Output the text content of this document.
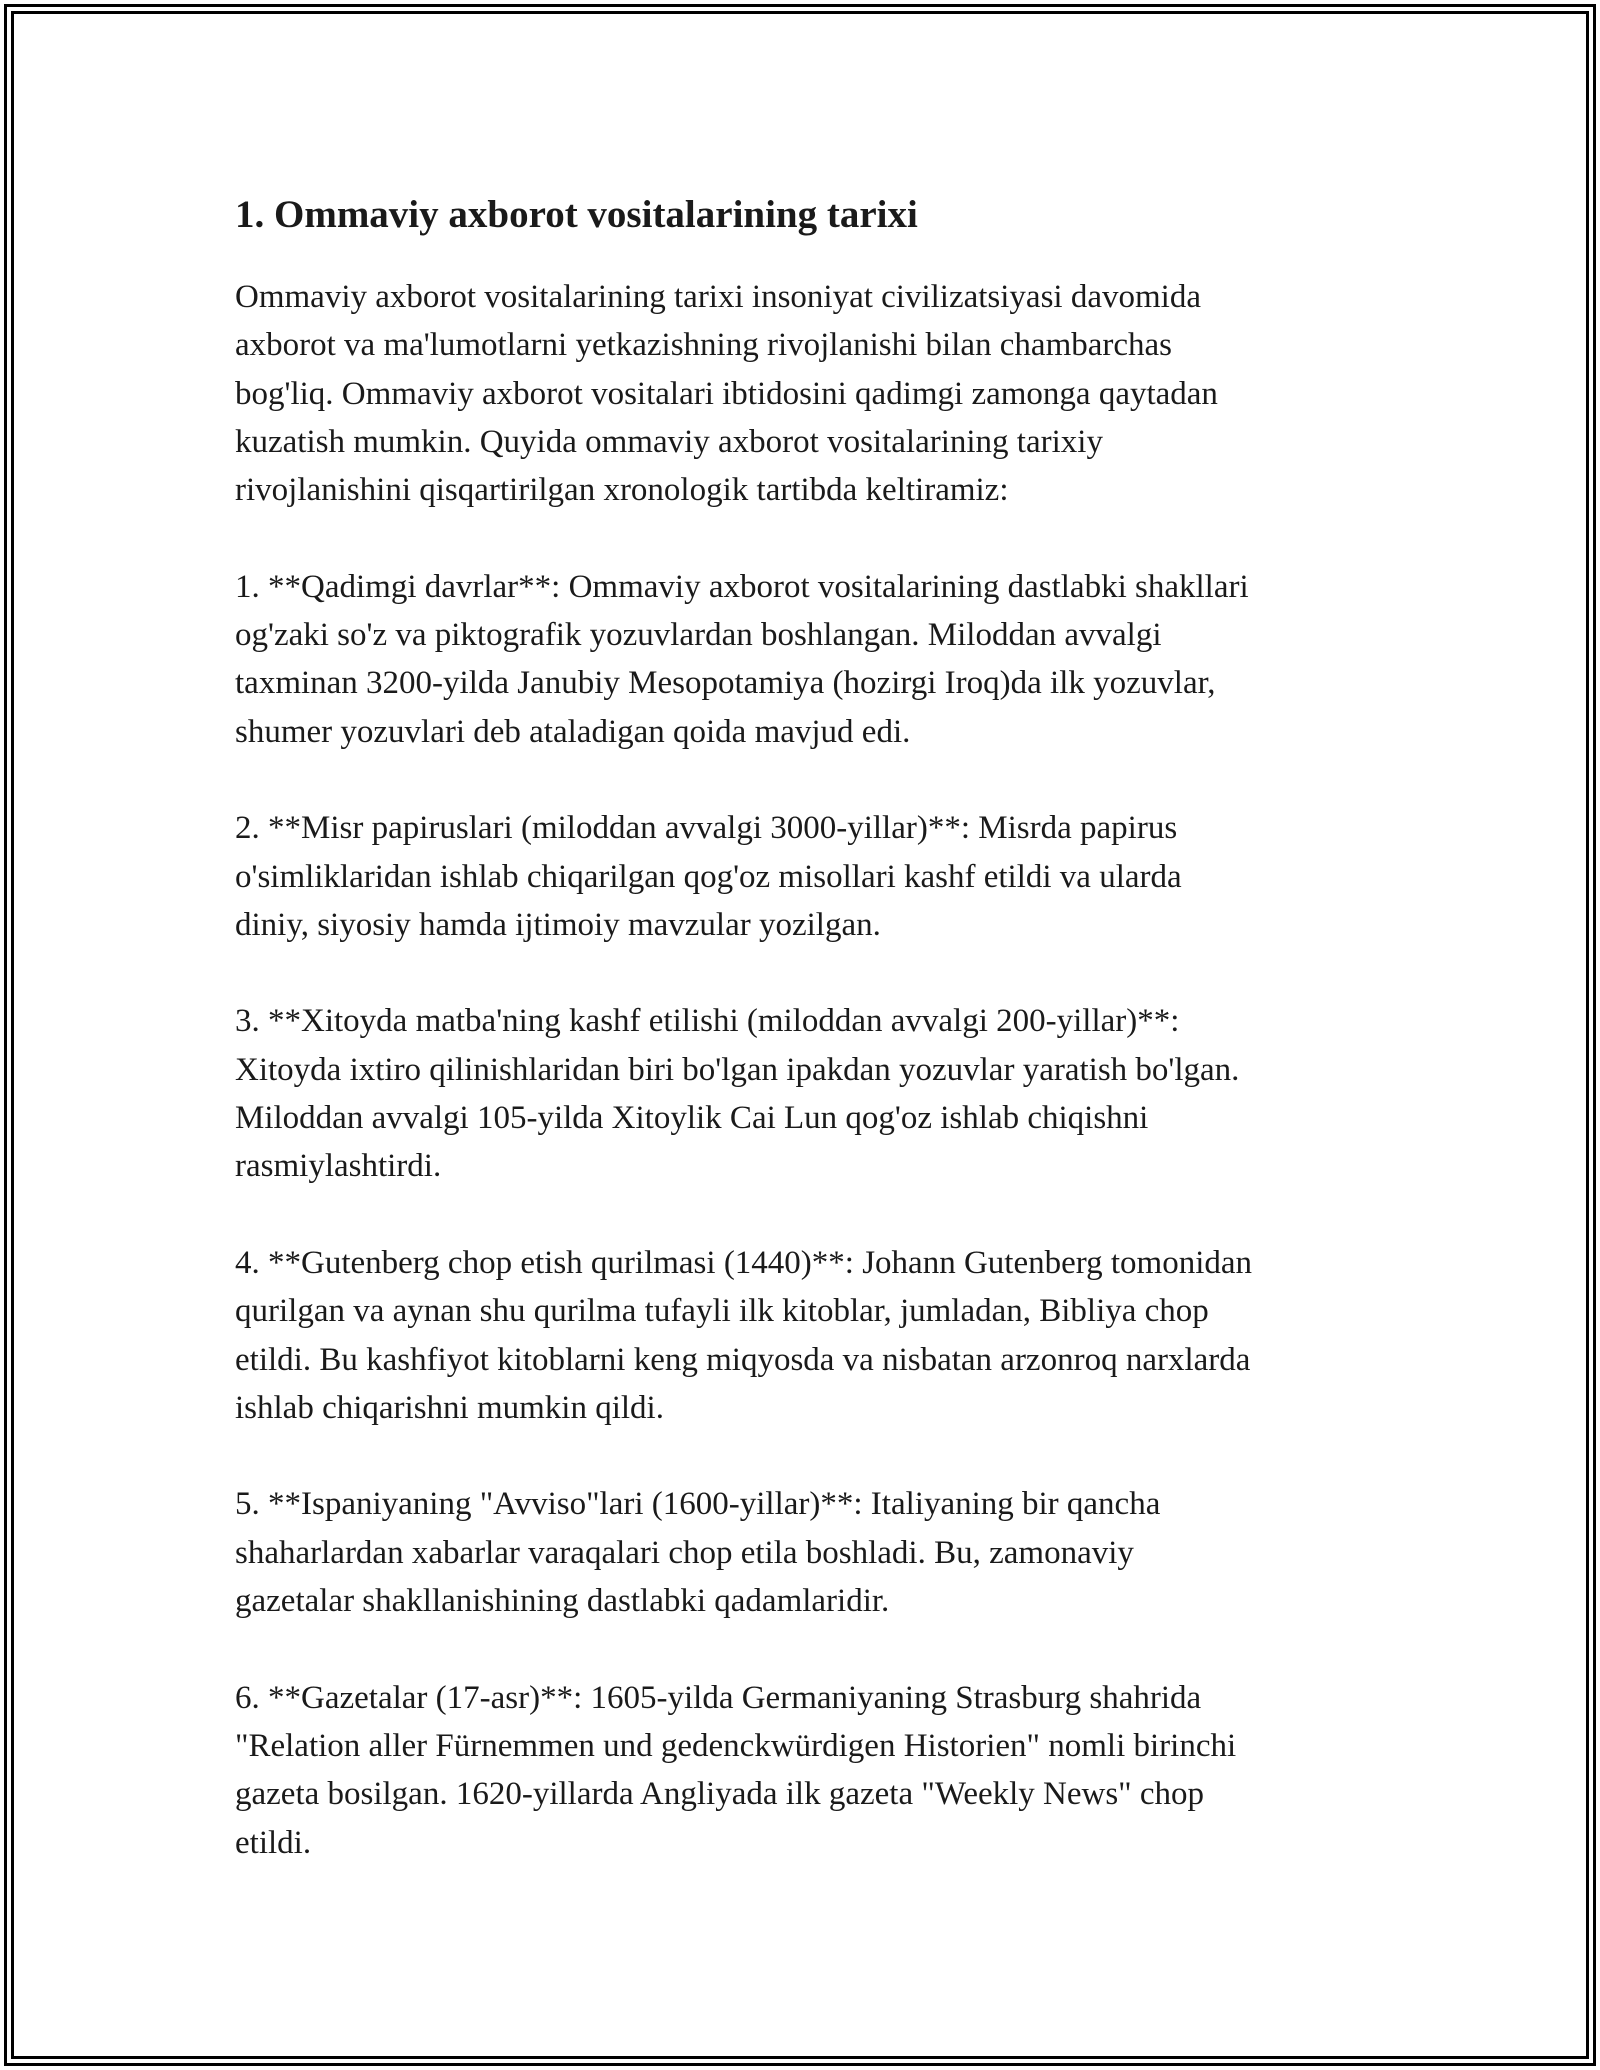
1. Ommaviy axborot vositalarining tarixi

Ommaviy axborot vositalarining tarixi insoniyat civilizatsiyasi davomida
axborot va ma'lumotlarni yetkazishning rivojlanishi bilan chambarchas
bog'liq. Ommaviy axborot vositalari ibtidosini qadimgi zamonga qaytadan
kuzatish mumkin. Quyida ommaviy axborot vositalarining tarixiy
rivojlanishini qisqartirilgan xronologik tartibda keltiramiz:

1. **Qadimgi davrlar**: Ommaviy axborot vositalarining dastlabki shakllari
og'zaki so'z va piktografik yozuvlardan boshlangan. Miloddan avvalgi
taxminan 3200-yilda Janubiy Mesopotamiya (hozirgi Iroq)da ilk yozuvlar,
shumer yozuvlari deb ataladigan qoida mavjud edi.

2. **Misr papiruslari (miloddan avvalgi 3000-yillar)**: Misrda papirus
o'simliklaridan ishlab chiqarilgan qog'oz misollari kashf etildi va ularda
diniy, siyosiy hamda ijtimoiy mavzular yozilgan.

3. **Xitoyda matba'ning kashf etilishi (miloddan avvalgi 200-yillar)**:
Xitoyda ixtiro qilinishlaridan biri bo'lgan ipakdan yozuvlar yaratish bo'lgan.
Miloddan avvalgi 105-yilda Xitoylik Cai Lun qog'oz ishlab chiqishni
rasmiylashtirdi.

4. **Gutenberg chop etish qurilmasi (1440)**: Johann Gutenberg tomonidan
qurilgan va aynan shu qurilma tufayli ilk kitoblar, jumladan, Bibliya chop
etildi. Bu kashfiyot kitoblarni keng miqyosda va nisbatan arzonroq narxlarda
ishlab chiqarishni mumkin qildi.

5. **Ispaniyaning "Avviso"lari (1600-yillar)**: Italiyaning bir qancha
shaharlardan xabarlar varaqalari chop etila boshladi. Bu, zamonaviy
gazetalar shakllanishining dastlabki qadamlaridir.

6. **Gazetalar (17-asr)**: 1605-yilda Germaniyaning Strasburg shahrida
"Relation aller Fürnemmen und gedenckwürdigen Historien" nomli birinchi
gazeta bosilgan. 1620-yillarda Angliyada ilk gazeta "Weekly News" chop
etildi.
